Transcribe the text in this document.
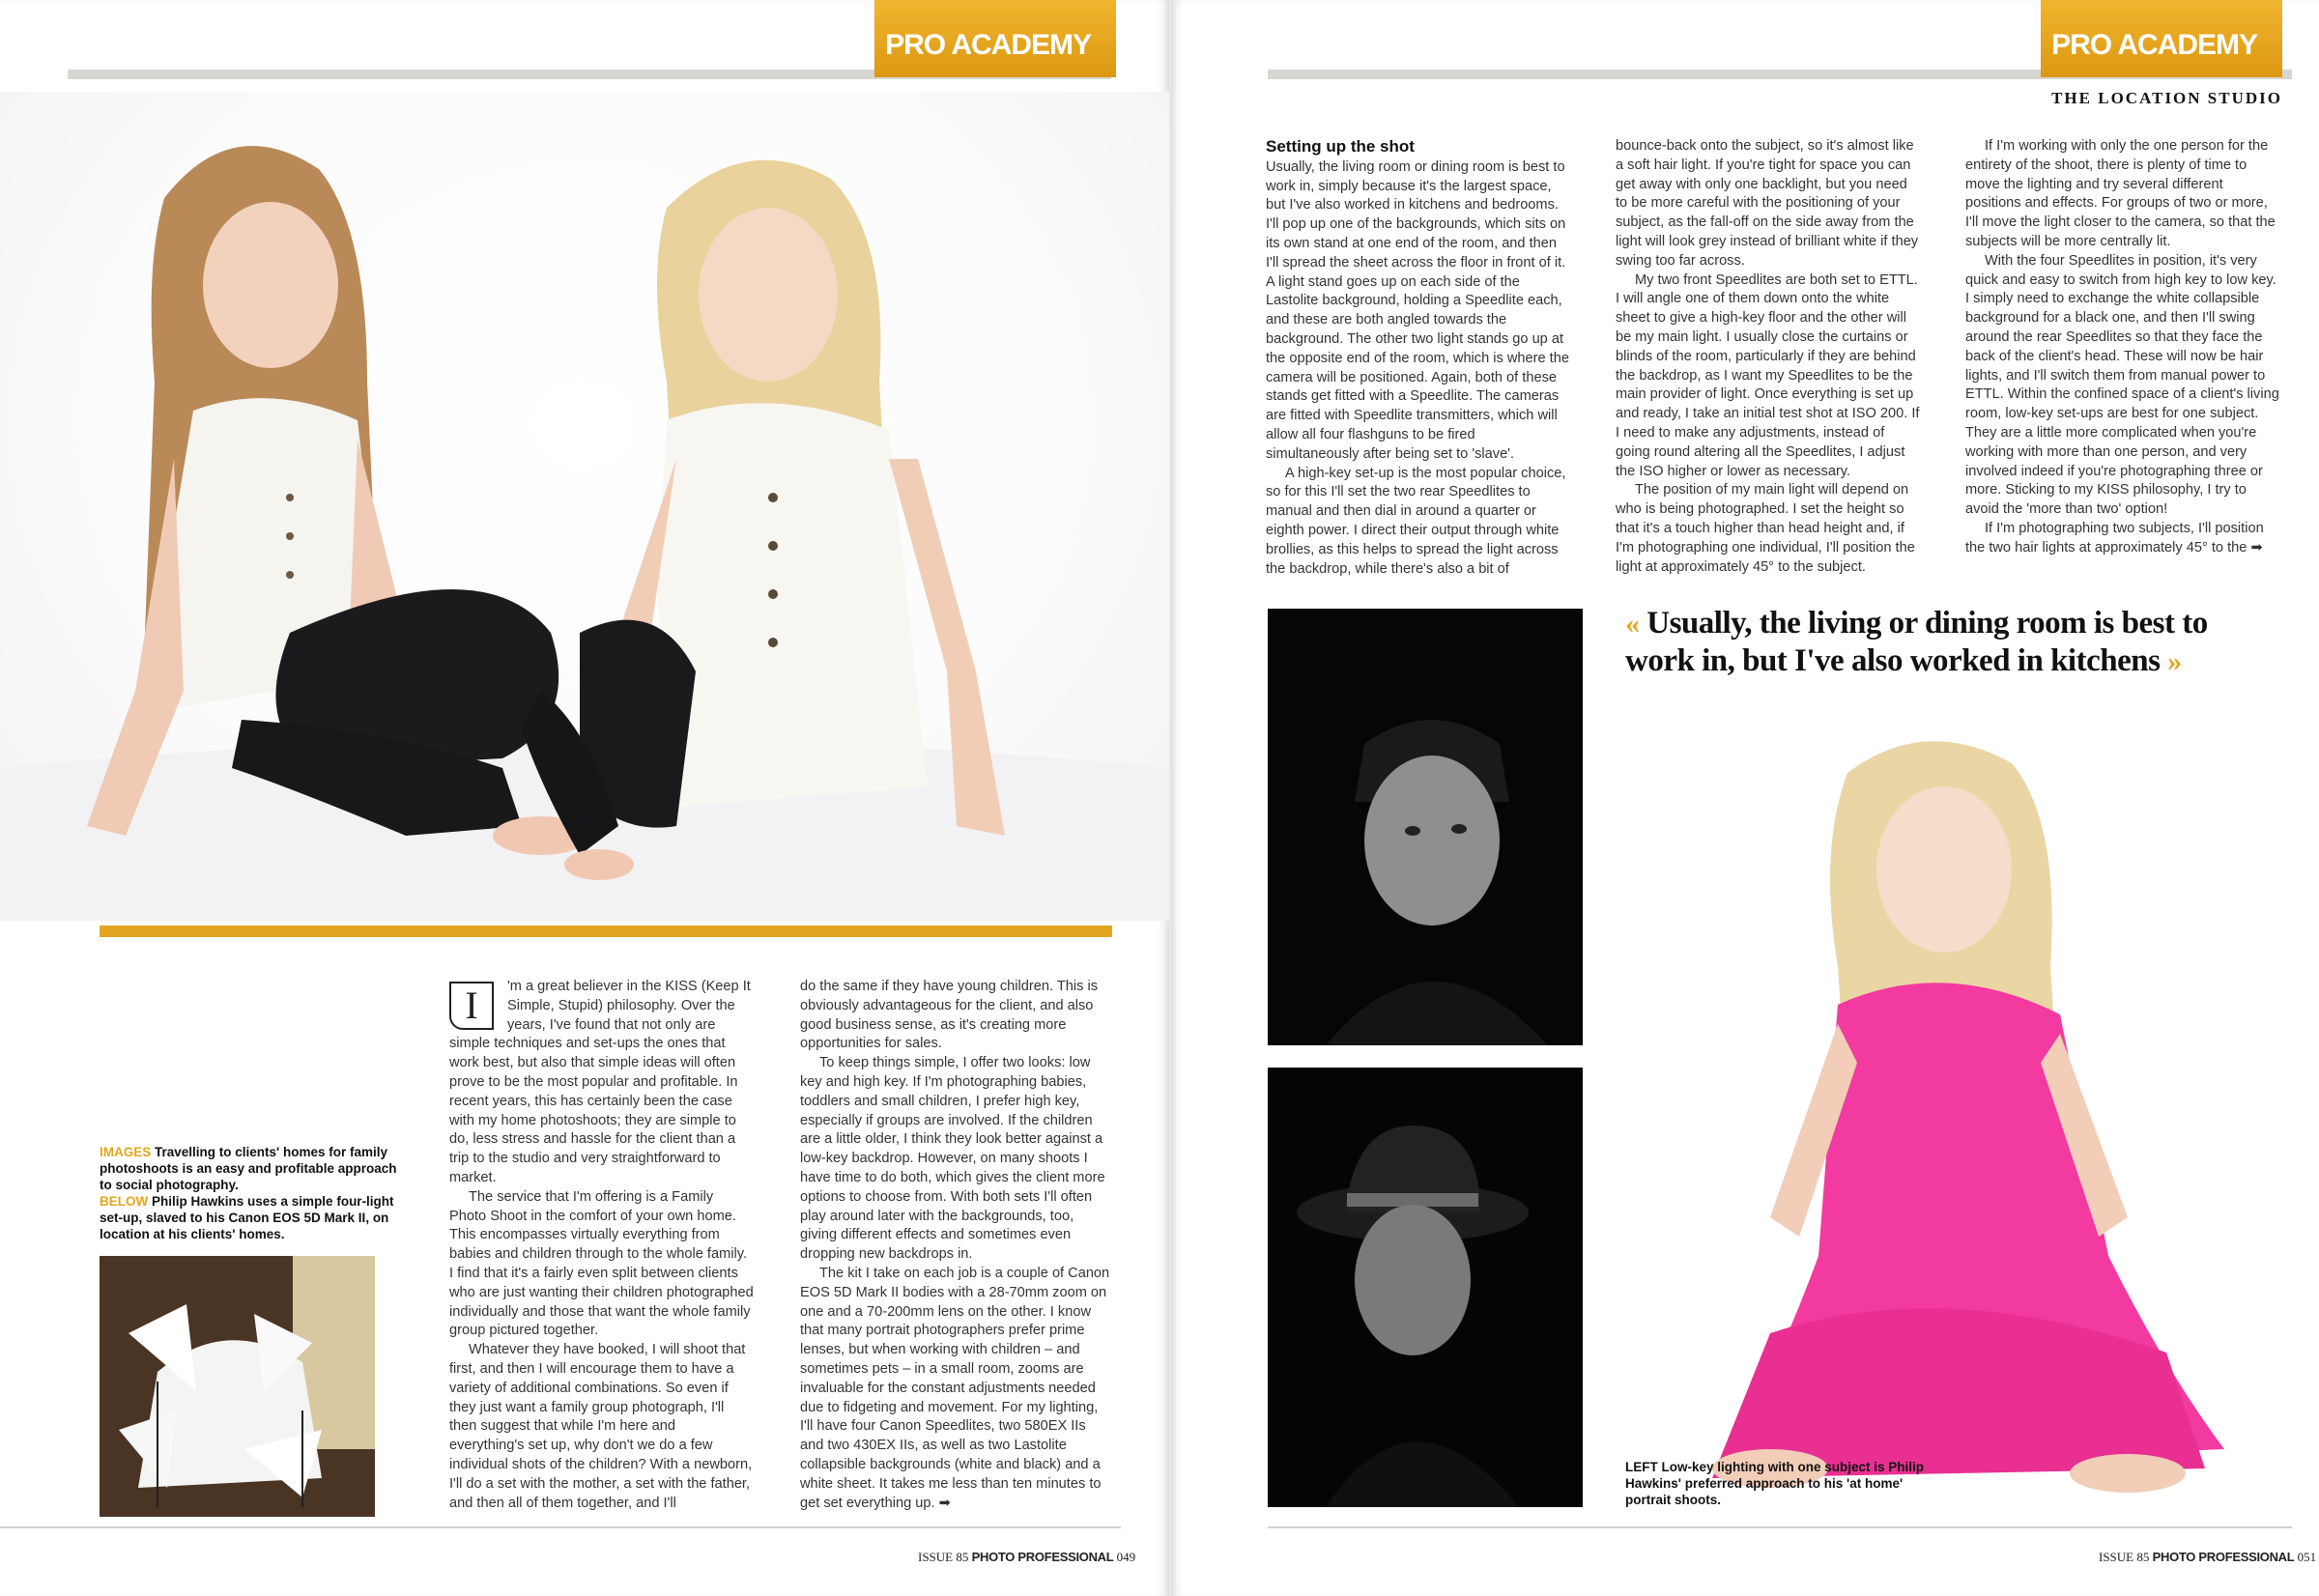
PRO ACADEMY
IMAGES Travelling to clients' homes for family photoshoots is an easy and profitable approach to social photography.
BELOW Philip Hawkins uses a simple four-light set-up, slaved to his Canon EOS 5D Mark II, on location at his clients' homes.
I	'm a great believer in the KISS (Keep It Simple, Stupid) philosophy. Over the years, I've found that not only are simple techniques and set-ups the ones that work best, but also that simple ideas will often prove to be the most popular and profitable. In recent years, this has certainly been the case with my home photoshoots; they are simple to do, less stress and hassle for the client than a trip to the studio and very straightforward to market.

The service that I'm offering is a Family Photo Shoot in the comfort of your own home. This encompasses virtually everything from babies and children through to the whole family. I find that it's a fairly even split between clients who are just wanting their children photographed individually and those that want the whole family group pictured together.

Whatever they have booked, I will shoot that first, and then I will encourage them to have a variety of additional combinations. So even if they just want a family group photograph, I'll then suggest that while I'm here and everything's set up, why don't we do a few individual shots of the children? With a newborn, I'll do a set with the mother, a set with the father, and then all of them together, and I'll

do the same if they have young children. This is obviously advantageous for the client, and also good business sense, as it's creating more opportunities for sales.

To keep things simple, I offer two looks: low key and high key. If I'm photographing babies, toddlers and small children, I prefer high key, especially if groups are involved. If the children are a little older, I think they look better against a low-key backdrop. However, on many shoots I have time to do both, which gives the client more options to choose from. With both sets I'll often play around later with the backgrounds, too, giving different effects and sometimes even dropping new backdrops in.

The kit I take on each job is a couple of Canon EOS 5D Mark II bodies with a 28-70mm zoom on one and a 70-200mm lens on the other. I know that many portrait photographers prefer prime lenses, but when working with children – and sometimes pets – in a small room, zooms are invaluable for the constant adjustments needed due to fidgeting and movement. For my lighting, I'll have four Canon Speedlites, two 580EX IIs and two 430EX IIs, as well as two Lastolite collapsible backgrounds (white and black) and a white sheet. It takes me less than ten minutes to get set everything up. ➡

ISSUE 85 PHOTO PROFESSIONAL 049
PRO ACADEMY
THE LOCATION STUDIO
Setting up the shot

Usually, the living room or dining room is best to work in, simply because it's the largest space, but I've also worked in kitchens and bedrooms. I'll pop up one of the backgrounds, which sits on its own stand at one end of the room, and then I'll spread the sheet across the floor in front of it. A light stand goes up on each side of the Lastolite background, holding a Speedlite each, and these are both angled towards the background. The other two light stands go up at the opposite end of the room, which is where the camera will be positioned. Again, both of these stands get fitted with a Speedlite. The cameras are fitted with Speedlite transmitters, which will allow all four flashguns to be fired simultaneously after being set to 'slave'.

A high-key set-up is the most popular choice, so for this I'll set the two rear Speedlites to manual and then dial in around a quarter or eighth power. I direct their output through white brollies, as this helps to spread the light across the backdrop, while there's also a bit of

bounce-back onto the subject, so it's almost like a soft hair light. If you're tight for space you can get away with only one backlight, but you need to be more careful with the positioning of your subject, as the fall-off on the side away from the light will look grey instead of brilliant white if they swing too far across.

My two front Speedlites are both set to ETTL. I will angle one of them down onto the white sheet to give a high-key floor and the other will be my main light. I usually close the curtains or blinds of the room, particularly if they are behind the backdrop, as I want my Speedlites to be the main provider of light. Once everything is set up and ready, I take an initial test shot at ISO 200. If I need to make any adjustments, instead of going round altering all the Speedlites, I adjust the ISO higher or lower as necessary.

The position of my main light will depend on who is being photographed. I set the height so that it's a touch higher than head height and, if I'm photographing one individual, I'll position the light at approximately 45° to the subject.

If I'm working with only the one person for the entirety of the shoot, there is plenty of time to move the lighting and try several different positions and effects. For groups of two or more, I'll move the light closer to the camera, so that the subjects will be more centrally lit.

With the four Speedlites in position, it's very quick and easy to switch from high key to low key. I simply need to exchange the white collapsible background for a black one, and then I'll swing around the rear Speedlites so that they face the back of the client's head. These will now be hair lights, and I'll switch them from manual power to ETTL. Within the confined space of a client's living room, low-key set-ups are best for one subject. They are a little more complicated when you're working with more than one person, and very involved indeed if you're photographing three or more. Sticking to my KISS philosophy, I try to avoid the 'more than two' option!

If I'm photographing two subjects, I'll position the two hair lights at approximately 45° to the ➡

« Usually, the living or dining room is best to work in, but I've also worked in kitchens »
LEFT Low-key lighting with one subject is Philip Hawkins' preferred approach to his 'at home' portrait shoots.
ISSUE 85 PHOTO PROFESSIONAL 051
